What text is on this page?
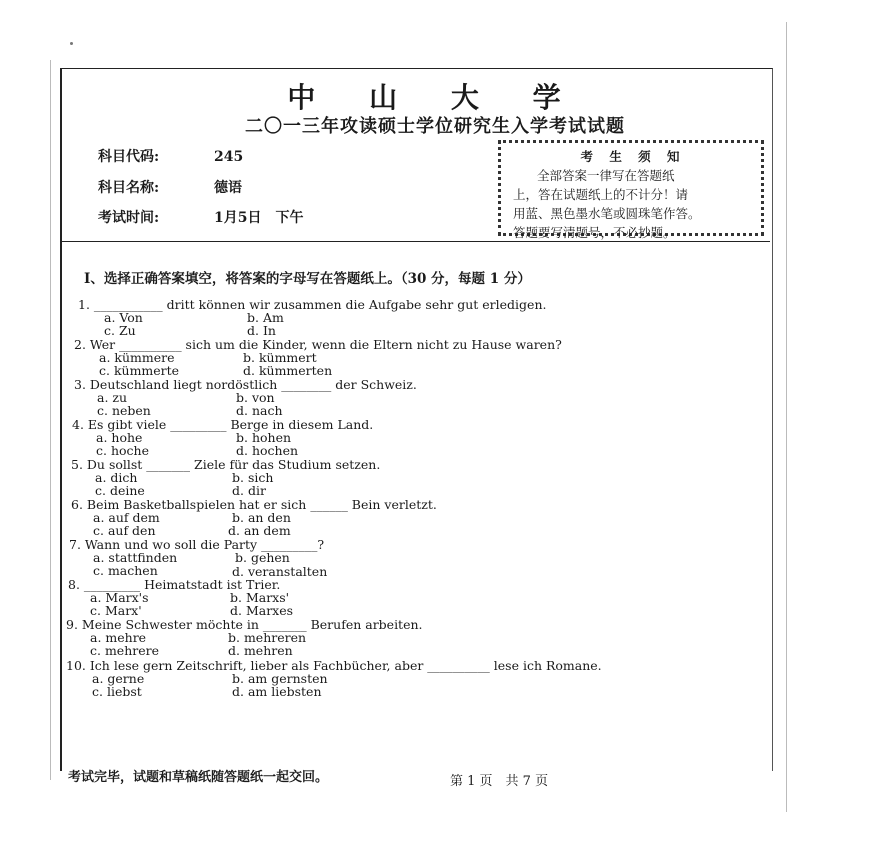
中 山 大 学
二〇一三年攻读硕士学位研究生入学考试试题
科目代码:	245
科目名称:	德语
考试时间:	1月5日　下午
考 生 须 知
全部答案一律写在答题纸
上，答在试题纸上的不计分！请
用蓝、黑色墨水笔或圆珠笔作答。
答题要写清题号，不必抄题。
I、选择正确答案填空，将答案的字母写在答题纸上。（30 分，每题 1 分）
1. ___________ dritt können wir zusammen die Aufgabe sehr gut erledigen.
a. Von	b. Am
c. Zu	d. In
2. Wer __________ sich um die Kinder, wenn die Eltern nicht zu Hause waren?
a. kümmere	b. kümmert
c. kümmerte	d. kümmerten
3. Deutschland liegt nordöstlich ________ der Schweiz.
a. zu	b. von
c. neben	d. nach
4. Es gibt viele _________ Berge in diesem Land.
a. hohe	b. hohen
c. hoche	d. hochen
5. Du sollst _______ Ziele für das Studium setzen.
a. dich	b. sich
c. deine	d. dir
6. Beim Basketballspielen hat er sich ______ Bein verletzt.
a. auf dem	b. an den
c. auf den	d. an dem
7. Wann und wo soll die Party _________?
a. stattfinden	b. gehen
c. machen	d. veranstalten
8. _________ Heimatstadt ist Trier.
a. Marx's	b. Marxs'
c. Marx'	d. Marxes
9. Meine Schwester möchte in _______ Berufen arbeiten.
a. mehre	b. mehreren
c. mehrere	d. mehren
10. Ich lese gern Zeitschrift, lieber als Fachbücher, aber __________ lese ich Romane.
a. gerne	b. am gernsten
c. liebst	d. am liebsten
考试完毕，试题和草稿纸随答题纸一起交回。	第 1 页　共 7 页
